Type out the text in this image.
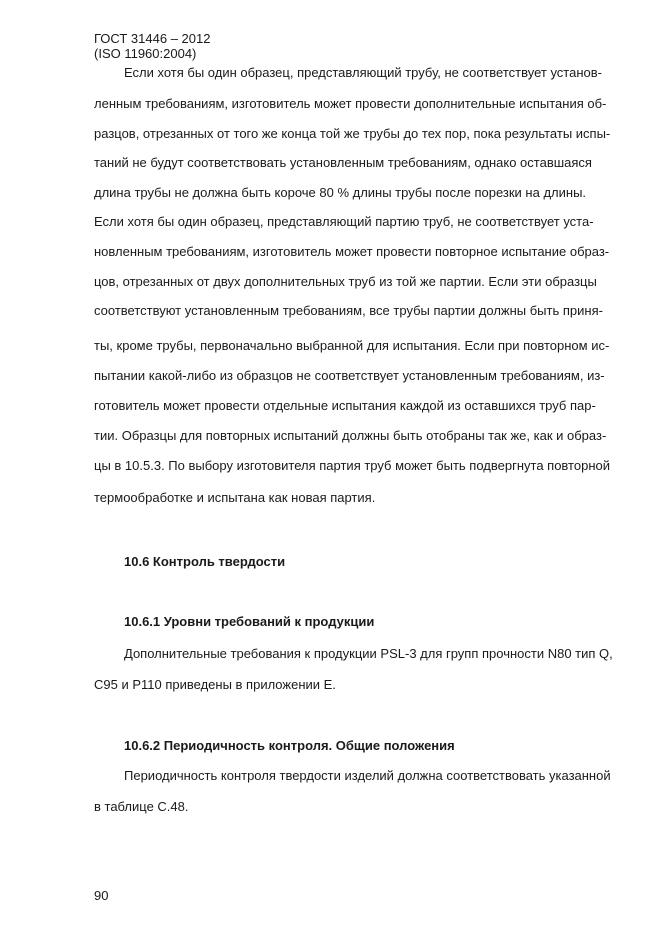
ГОСТ 31446 – 2012
(ISO 11960:2004)
Если хотя бы один образец, представляющий трубу, не соответствует установ-
ленным требованиям, изготовитель может провести дополнительные испытания об-
разцов, отрезанных от того же конца той же трубы до тех пор, пока результаты испы-
таний не будут соответствовать установленным требованиям, однако оставшаяся
длина трубы не должна быть короче 80 % длины трубы после порезки на длины.
Если хотя бы один образец, представляющий партию труб, не соответствует уста-
новленным требованиям, изготовитель может провести повторное испытание образ-
цов, отрезанных от двух дополнительных труб из той же партии. Если эти образцы
соответствуют установленным требованиям, все трубы партии должны быть приня-
ты, кроме трубы, первоначально выбранной для испытания. Если при повторном ис-
пытании какой-либо из образцов не соответствует установленным требованиям, из-
готовитель может провести отдельные испытания каждой из оставшихся труб пар-
тии. Образцы для повторных испытаний должны быть отобраны так же, как и образ-
цы в 10.5.3. По выбору изготовителя партия труб может быть подвергнута повторной
термообработке и испытана как новая партия.
10.6 Контроль твердости
10.6.1 Уровни требований к продукции
Дополнительные требования к продукции PSL-3 для групп прочности N80 тип Q,
C95 и P110 приведены в приложении E.
10.6.2 Периодичность контроля. Общие положения
Периодичность контроля твердости изделий должна соответствовать указанной
в таблице C.48.
90
